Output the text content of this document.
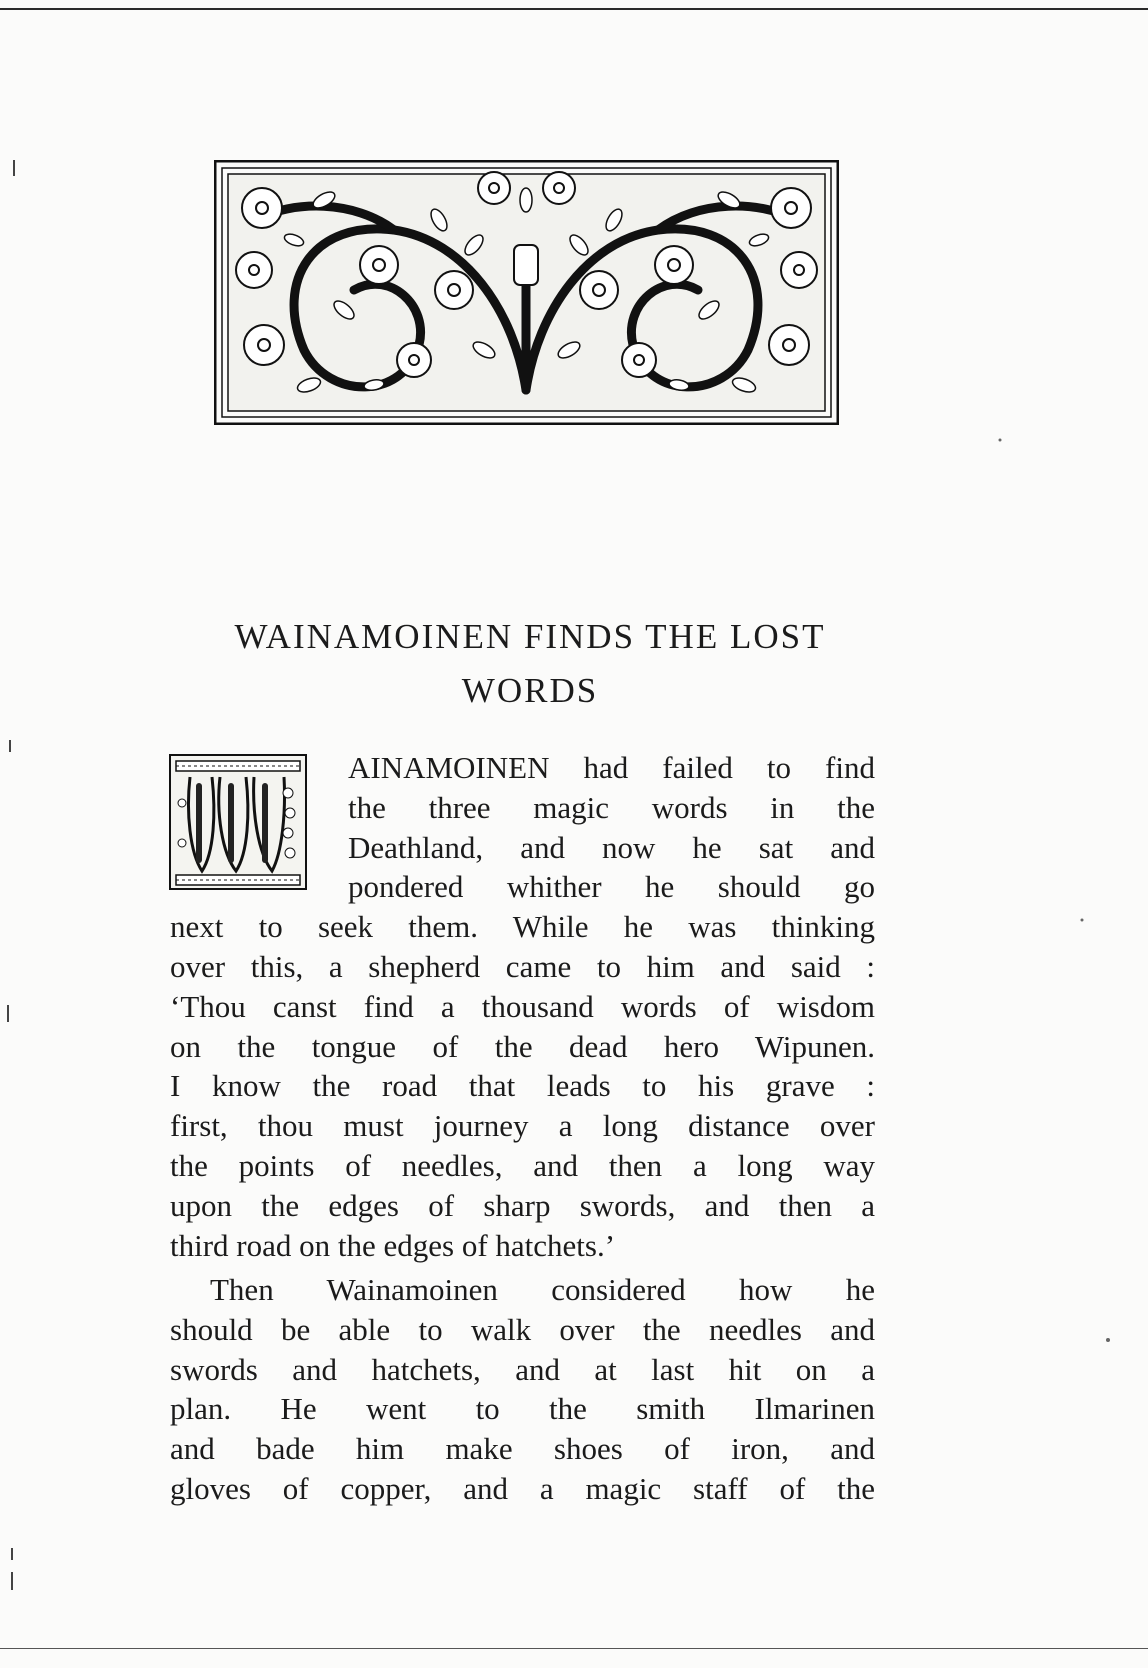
WAINAMOINEN FINDS THE LOST
WORDS
AINAMOINEN had failed to find
the three magic words in the
Deathland, and now he sat and
pondered whither he should go
next to seek them. While he was thinking
over this, a shepherd came to him and said :
‘Thou canst find a thousand words of wisdom
on the tongue of the dead hero Wipunen.
I know the road that leads to his grave :
first, thou must journey a long distance over
the points of needles, and then a long way
upon the edges of sharp swords, and then a
third road on the edges of hatchets.’
Then Wainamoinen considered how he
should be able to walk over the needles and
swords and hatchets, and at last hit on a
plan. He went to the smith Ilmarinen
and bade him make shoes of iron, and
gloves of copper, and a magic staff of the
